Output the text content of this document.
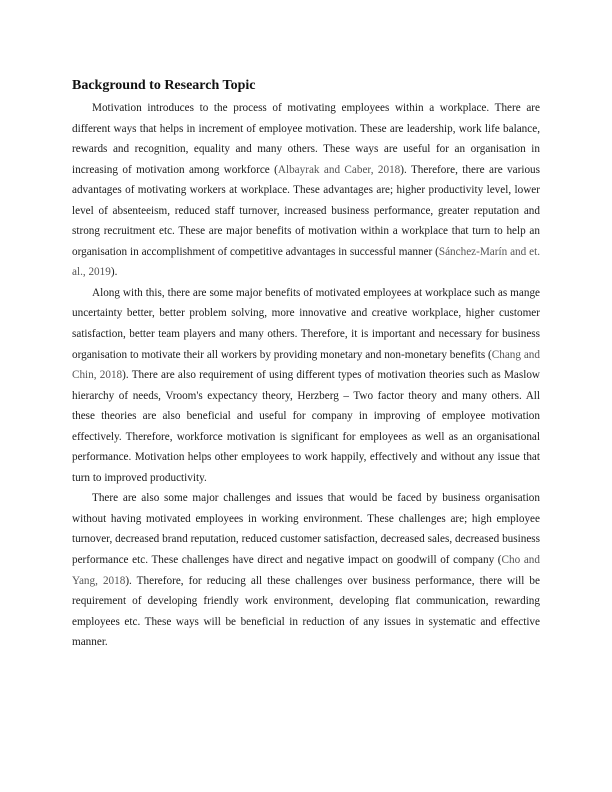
Background to Research Topic

Motivation introduces to the process of motivating employees within a workplace. There are different ways that helps in increment of employee motivation. These are leadership, work life balance, rewards and recognition, equality and many others. These ways are useful for an organisation in increasing of motivation among workforce (Albayrak and Caber, 2018). Therefore, there are various advantages of motivating workers at workplace. These advantages are; higher productivity level, lower level of absenteeism, reduced staff turnover, increased business performance, greater reputation and strong recruitment etc. These are major benefits of motivation within a workplace that turn to help an organisation in accomplishment of competitive advantages in successful manner (Sánchez-Marín and et. al., 2019).

Along with this, there are some major benefits of motivated employees at workplace such as mange uncertainty better, better problem solving, more innovative and creative workplace, higher customer satisfaction, better team players and many others. Therefore, it is important and necessary for business organisation to motivate their all workers by providing monetary and non-monetary benefits (Chang and Chin, 2018). There are also requirement of using different types of motivation theories such as Maslow hierarchy of needs, Vroom's expectancy theory, Herzberg – Two factor theory and many others. All these theories are also beneficial and useful for company in improving of employee motivation effectively. Therefore, workforce motivation is significant for employees as well as an organisational performance. Motivation helps other employees to work happily, effectively and without any issue that turn to improved productivity.

There are also some major challenges and issues that would be faced by business organisation without having motivated employees in working environment. These challenges are; high employee turnover, decreased brand reputation, reduced customer satisfaction, decreased sales, decreased business performance etc. These challenges have direct and negative impact on goodwill of company (Cho and Yang, 2018). Therefore, for reducing all these challenges over business performance, there will be requirement of developing friendly work environment, developing flat communication, rewarding employees etc. These ways will be beneficial in reduction of any issues in systematic and effective manner.
